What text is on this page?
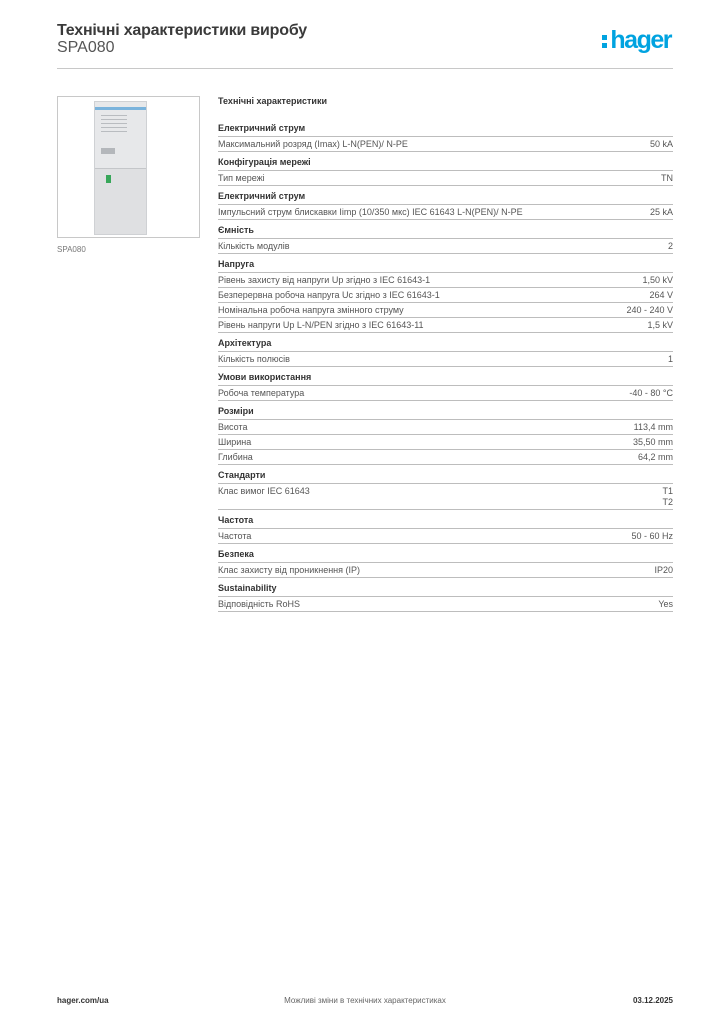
Технічні характеристики виробу
SPA080	hager
SPA080
Технічні характеристики
Електричний струм
Максимальний розряд (Imax) L-N(PEN)/ N-PE	50 kA
Конфігурація мережі
Тип мережі	TN
Електричний струм
Імпульсний струм блискавки Iimp (10/350 мкс) IEC 61643 L-N(PEN)/ N-PE	25 kA
Ємність
Кількість модулів	2
Напруга
Рівень захисту від напруги Up згідно з IEC 61643-1	1,50 kV
Безперервна робоча напруга Uc згідно з IEC 61643-1	264 V
Номінальна робоча напруга змінного струму	240 - 240 V
Рівень напруги Up L-N/PEN згідно з IEC 61643-11	1,5 kV
Архітектура
Кількість полюсів	1
Умови використання
Робоча температура	-40 - 80 °C
Розміри
Висота	113,4 mm
Ширина	35,50 mm
Глибина	64,2 mm
Стандарти
Клас вимог IEC 61643	T1
T2
Частота
Частота	50 - 60 Hz
Безпека
Клас захисту від проникнення (IP)	IP20
Sustainability
Відповідність RoHS	Yes
hager.com/ua	Можливі зміни в технічних характеристиках	03.12.2025
